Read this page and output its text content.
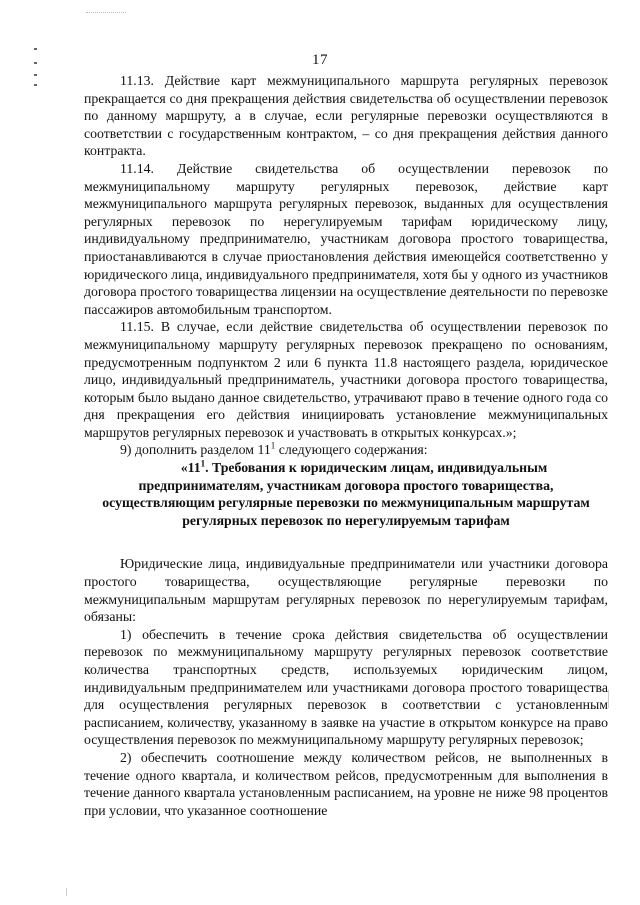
17

11.13. Действие карт межмуниципального маршрута регулярных перевозок прекращается со дня прекращения действия свидетельства об осуществлении перевозок по данному маршруту, а в случае, если регулярные перевозки осуществляются в соответствии с государственным контрактом, – со дня прекращения действия данного контракта.

11.14. Действие свидетельства об осуществлении перевозок по межмуниципальному маршруту регулярных перевозок, действие карт межмуниципального маршрута регулярных перевозок, выданных для осуществления регулярных перевозок по нерегулируемым тарифам юридическому лицу, индивидуальному предпринимателю, участникам договора простого товарищества, приостанавливаются в случае приостановления действия имеющейся соответственно у юридического лица, индивидуального предпринимателя, хотя бы у одного из участников договора простого товарищества лицензии на осуществление деятельности по перевозке пассажиров автомобильным транспортом.

11.15. В случае, если действие свидетельства об осуществлении перевозок по межмуниципальному маршруту регулярных перевозок прекращено по основаниям, предусмотренным подпунктом 2 или 6 пункта 11.8 настоящего раздела, юридическое лицо, индивидуальный предприниматель, участники договора простого товарищества, которым было выдано данное свидетельство, утрачивают право в течение одного года со дня прекращения его действия инициировать установление межмуниципальных маршрутов регулярных перевозок и участвовать в открытых конкурсах.»;

9) дополнить разделом $11^1$ следующего содержания:

«$11^1$. Требования к юридическим лицам, индивидуальным предпринимателям, участникам договора простого товарищества, осуществляющим регулярные перевозки по межмуниципальным маршрутам регулярных перевозок по нерегулируемым тарифам

Юридические лица, индивидуальные предприниматели или участники договора простого товарищества, осуществляющие регулярные перевозки по межмуниципальным маршрутам регулярных перевозок по нерегулируемым тарифам, обязаны:

1) обеспечить в течение срока действия свидетельства об осуществлении перевозок по межмуниципальному маршруту регулярных перевозок соответствие количества транспортных средств, используемых юридическим лицом, индивидуальным предпринимателем или участниками договора простого товарищества для осуществления регулярных перевозок в соответствии с установленным расписанием, количеству, указанному в заявке на участие в открытом конкурсе на право осуществления перевозок по межмуниципальному маршруту регулярных перевозок;

2) обеспечить соотношение между количеством рейсов, не выполненных в течение одного квартала, и количеством рейсов, предусмотренным для выполнения в течение данного квартала установленным расписанием, на уровне не ниже 98 процентов при условии, что указанное соотношение
